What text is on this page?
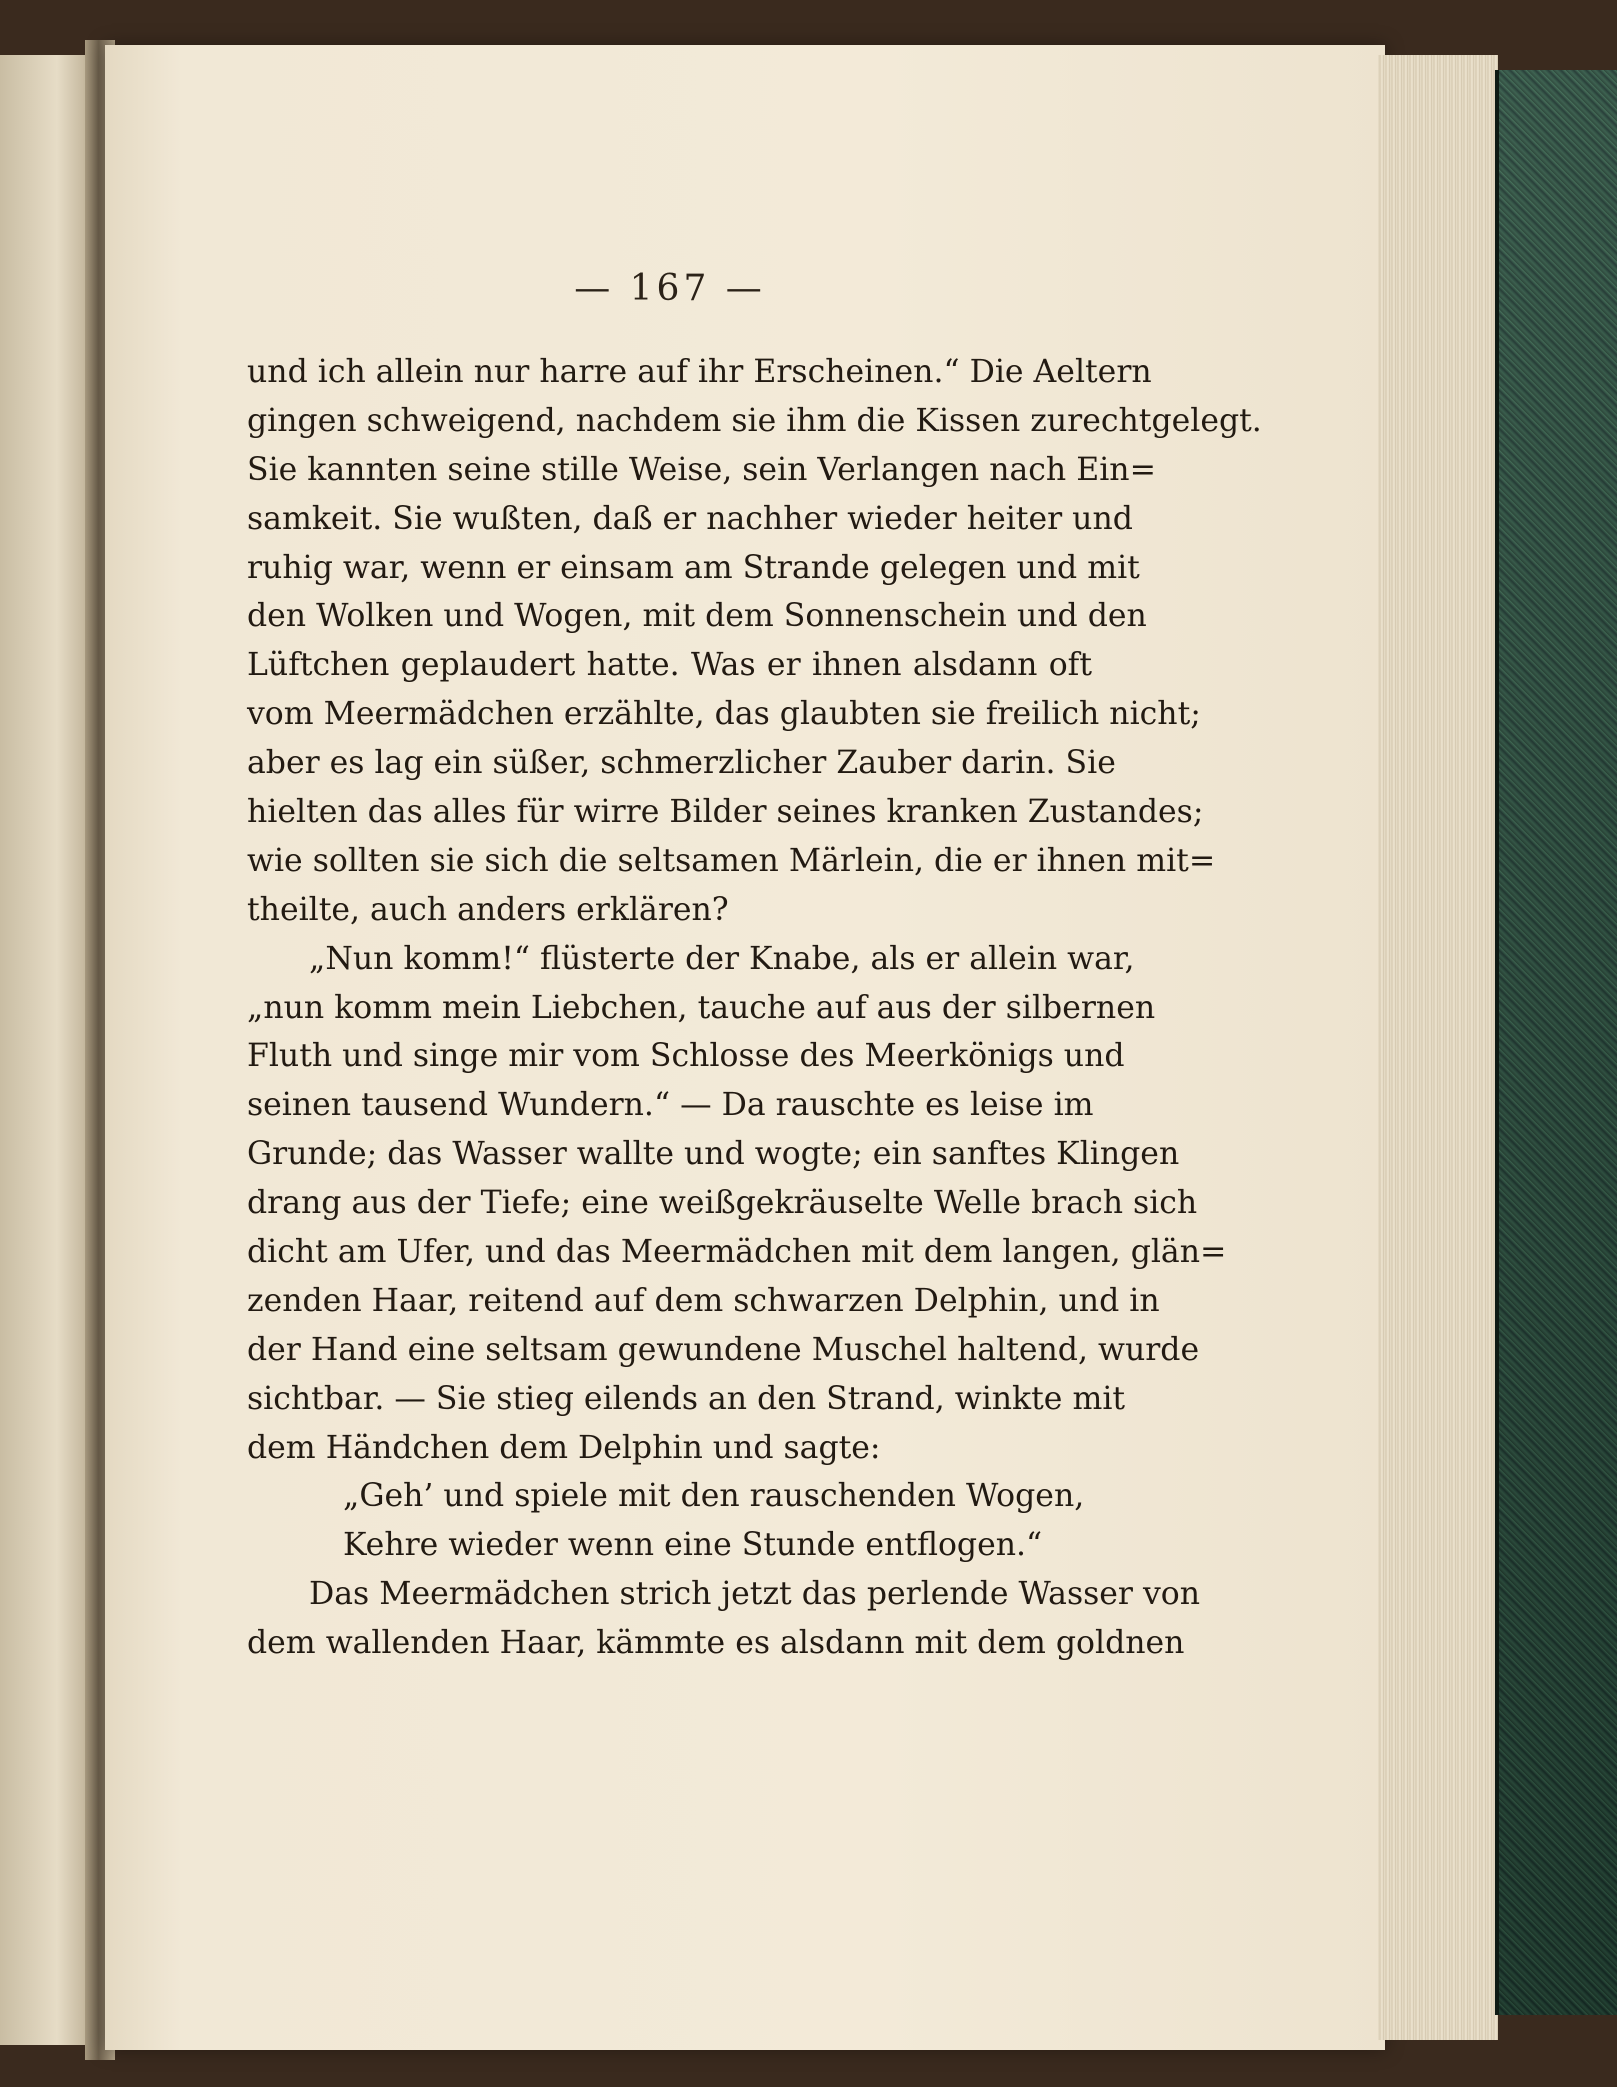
— 167 —
und ich allein nur harre auf ihr Erscheinen.“ Die Aeltern
gingen schweigend, nachdem sie ihm die Kissen zurechtgelegt.
Sie kannten seine stille Weise, sein Verlangen nach Ein=
samkeit. Sie wußten, daß er nachher wieder heiter und
ruhig war, wenn er einsam am Strande gelegen und mit
den Wolken und Wogen, mit dem Sonnenschein und den
Lüftchen geplaudert hatte. Was er ihnen alsdann oft
vom Meermädchen erzählte, das glaubten sie freilich nicht;
aber es lag ein süßer, schmerzlicher Zauber darin. Sie
hielten das alles für wirre Bilder seines kranken Zustandes;
wie sollten sie sich die seltsamen Märlein, die er ihnen mit=
theilte, auch anders erklären?
„Nun komm!“ flüsterte der Knabe, als er allein war,
„nun komm mein Liebchen, tauche auf aus der silbernen
Fluth und singe mir vom Schlosse des Meerkönigs und
seinen tausend Wundern.“ — Da rauschte es leise im
Grunde; das Wasser wallte und wogte; ein sanftes Klingen
drang aus der Tiefe; eine weißgekräuselte Welle brach sich
dicht am Ufer, und das Meermädchen mit dem langen, glän=
zenden Haar, reitend auf dem schwarzen Delphin, und in
der Hand eine seltsam gewundene Muschel haltend, wurde
sichtbar. — Sie stieg eilends an den Strand, winkte mit
dem Händchen dem Delphin und sagte:
„Geh’ und spiele mit den rauschenden Wogen,
Kehre wieder wenn eine Stunde entflogen.“
Das Meermädchen strich jetzt das perlende Wasser von
dem wallenden Haar, kämmte es alsdann mit dem goldnen
